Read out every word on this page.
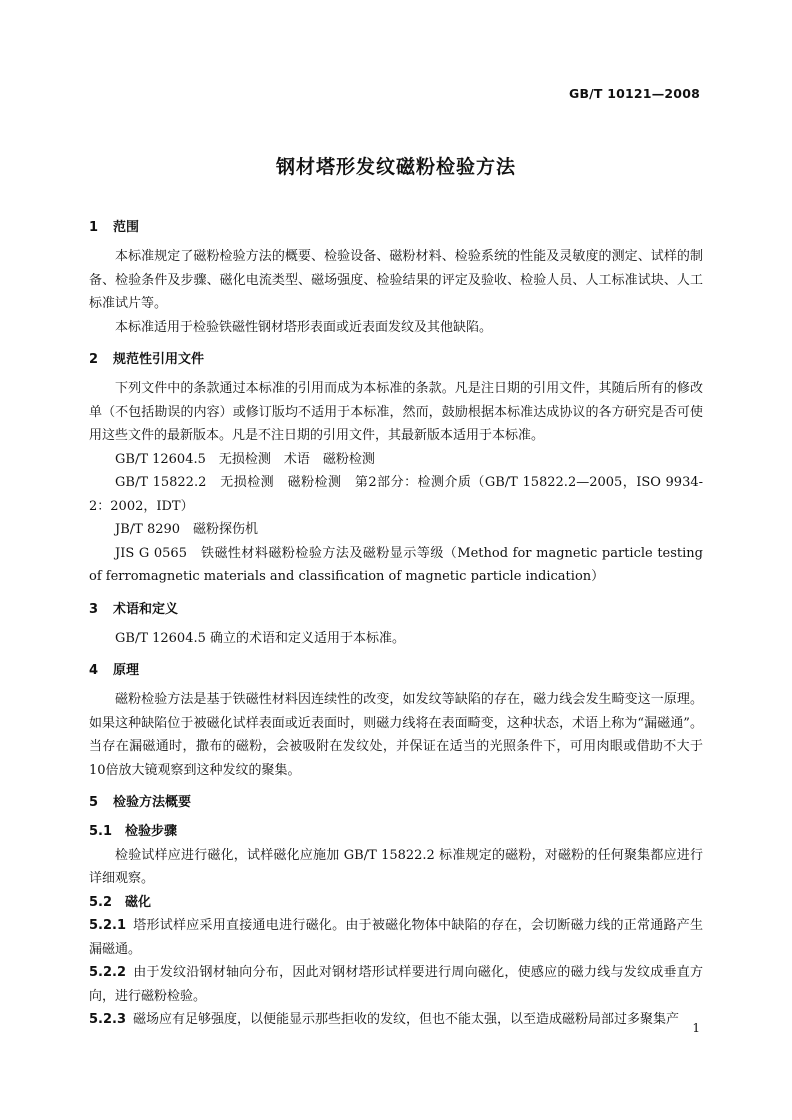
GB/T 10121—2008
钢材塔形发纹磁粉检验方法
1 范围

本标准规定了磁粉检验方法的概要、检验设备、磁粉材料、检验系统的性能及灵敏度的测定、试样的制备、检验条件及步骤、磁化电流类型、磁场强度、检验结果的评定及验收、检验人员、人工标准试块、人工标准试片等。

本标准适用于检验铁磁性钢材塔形表面或近表面发纹及其他缺陷。

2 规范性引用文件

下列文件中的条款通过本标准的引用而成为本标准的条款。凡是注日期的引用文件，其随后所有的修改单（不包括勘误的内容）或修订版均不适用于本标准，然而，鼓励根据本标准达成协议的各方研究是否可使用这些文件的最新版本。凡是不注日期的引用文件，其最新版本适用于本标准。

GB/T 12604.5　无损检测　术语　磁粉检测

GB/T 15822.2　无损检测　磁粉检测　第2部分：检测介质（GB/T 15822.2—2005，ISO 9934-2：2002，IDT）

JB/T 8290　磁粉探伤机

JIS G 0565　铁磁性材料磁粉检验方法及磁粉显示等级（Method for magnetic particle testing of ferromagnetic materials and classification of magnetic particle indication）

3 术语和定义

GB/T 12604.5 确立的术语和定义适用于本标准。

4 原理

磁粉检验方法是基于铁磁性材料因连续性的改变，如发纹等缺陷的存在，磁力线会发生畸变这一原理。如果这种缺陷位于被磁化试样表面或近表面时，则磁力线将在表面畸变，这种状态，术语上称为“漏磁通”。当存在漏磁通时，撒布的磁粉，会被吸附在发纹处，并保证在适当的光照条件下，可用肉眼或借助不大于10倍放大镜观察到这种发纹的聚集。

5 检验方法概要
5.1 检验步骤

检验试样应进行磁化，试样磁化应施加 GB/T 15822.2 标准规定的磁粉，对磁粉的任何聚集都应进行详细观察。

5.2 磁化

5.2.1 塔形试样应采用直接通电进行磁化。由于被磁化物体中缺陷的存在，会切断磁力线的正常通路产生漏磁通。

5.2.2 由于发纹沿钢材轴向分布，因此对钢材塔形试样要进行周向磁化，使感应的磁力线与发纹成垂直方向，进行磁粉检验。

5.2.3 磁场应有足够强度，以便能显示那些拒收的发纹，但也不能太强，以至造成磁粉局部过多聚集产

1
